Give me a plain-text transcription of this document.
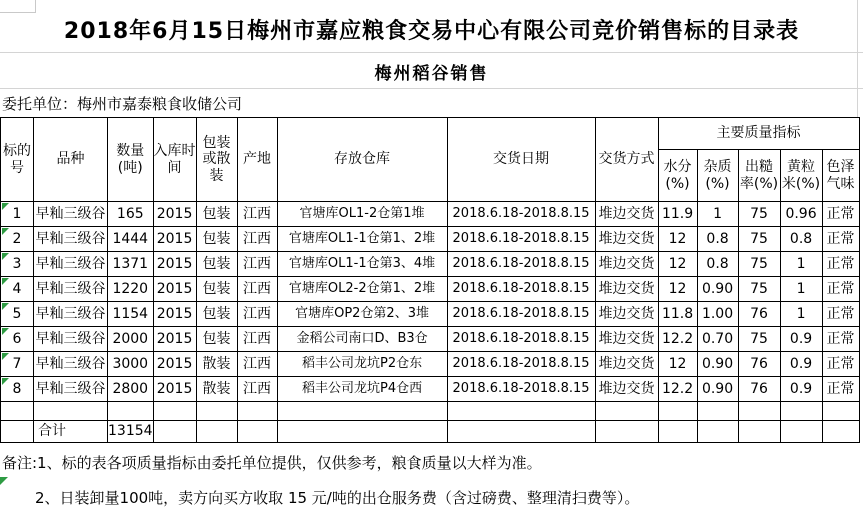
2018年6月15日梅州市嘉应粮食交易中心有限公司竞价销售标的目录表
梅州稻谷销售
委托单位：梅州市嘉泰粮食收储公司
标的号	品种	数量(吨)	入库时间	包装或散装	产地	存放仓库	交货日期	交货方式	主要质量指标				
									水分(%)	杂质(%)	出糙率(%)	黄粒米(%)	色泽气味
1	早籼三级谷	165	2015	包装	江西	官塘库OL1-2仓第1堆	2018.6.18-2018.8.15	堆边交货	11.9	1	75	0.96	正常
2	早籼三级谷	1444	2015	包装	江西	官塘库OL1-1仓第1、2堆	2018.6.18-2018.8.15	堆边交货	12	0.8	75	0.8	正常
3	早籼三级谷	1371	2015	包装	江西	官塘库OL1-1仓第3、4堆	2018.6.18-2018.8.15	堆边交货	12	0.8	75	1	正常
4	早籼三级谷	1220	2015	包装	江西	官塘库OL2-2仓第1、2堆	2018.6.18-2018.8.15	堆边交货	12	0.90	75	1	正常
5	早籼三级谷	1154	2015	包装	江西	官塘库OP2仓第2、3堆	2018.6.18-2018.8.15	堆边交货	11.8	1.00	76	1	正常
6	早籼三级谷	2000	2015	包装	江西	金稻公司南口D、B3仓	2018.6.18-2018.8.15	堆边交货	12.2	0.70	75	0.9	正常
7	早籼三级谷	3000	2015	散装	江西	稻丰公司龙坑P2仓东	2018.6.18-2018.8.15	堆边交货	12	0.90	76	0.9	正常
8	早籼三级谷	2800	2015	散装	江西	稻丰公司龙坑P4仓西	2018.6.18-2018.8.15	堆边交货	12.2	0.90	76	0.9	正常

	合计	13154											
备注:1、标的表各项质量指标由委托单位提供，仅供参考，粮食质量以大样为准。
2、日装卸量100吨，卖方向买方收取 15 元/吨的出仓服务费（含过磅费、整理清扫费等）。
